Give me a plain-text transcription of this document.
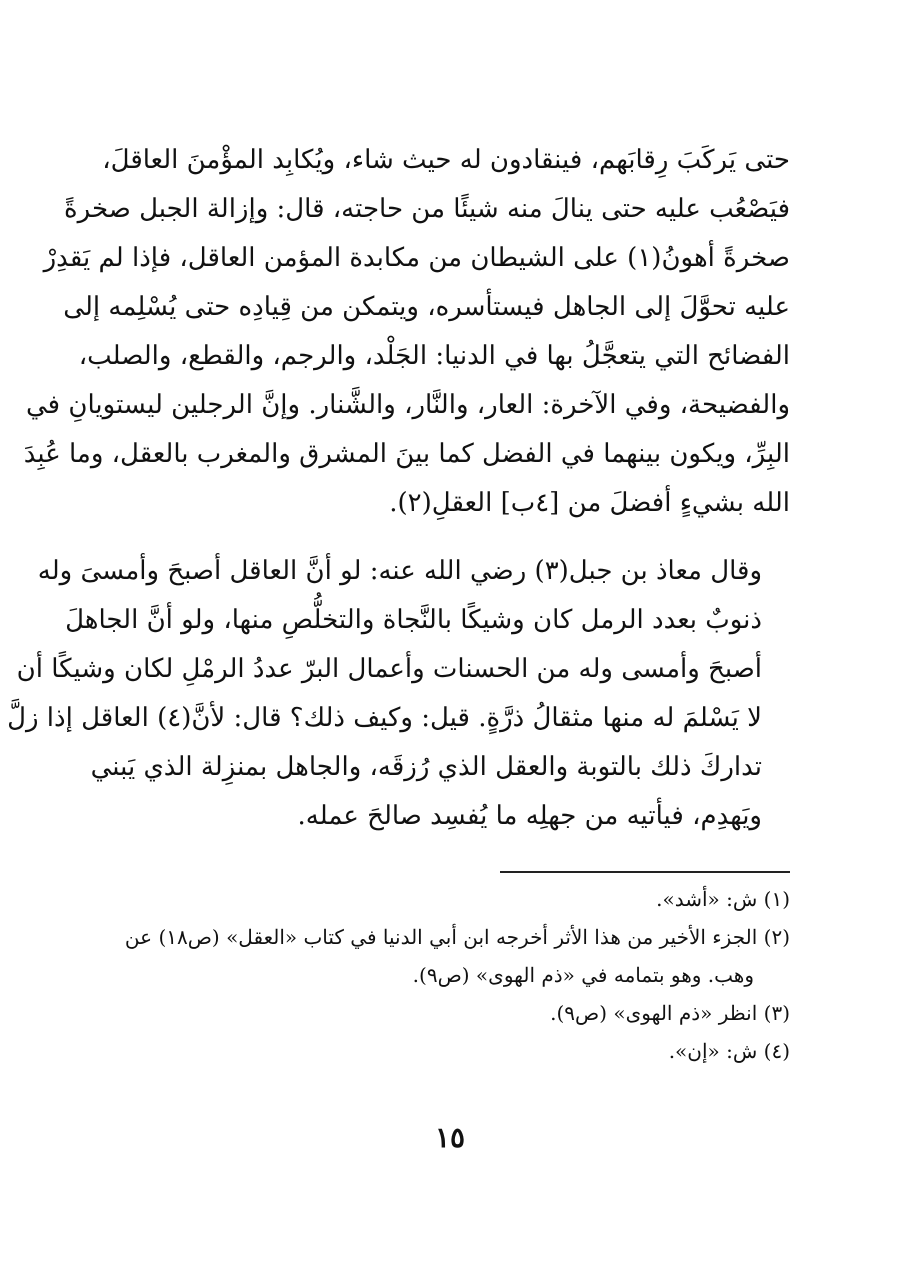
حتى يَركَبَ رِقابَهم، فينقادون له حيث شاء، ويُكابِد المؤْمنَ العاقلَ،
فيَصْعُب عليه حتى ينالَ منه شيئًا من حاجته، قال: وإزالة الجبل صخرةً
صخرةً أهونُ(١) على الشيطان من مكابدة المؤمن العاقل، فإذا لم يَقدِرْ
عليه تحوَّلَ إلى الجاهل فيستأسره، ويتمكن من قِيادِه حتى يُسْلِمه إلى
الفضائح التي يتعجَّلُ بها في الدنيا: الجَلْد، والرجم، والقطع، والصلب،
والفضيحة، وفي الآخرة: العار، والنَّار، والشَّنار. وإنَّ الرجلين ليستويانِ في
البِرِّ، ويكون بينهما في الفضل كما بينَ المشرق والمغرب بالعقل، وما عُبِدَ
الله بشيءٍ أفضلَ من [٤ب] العقلِ(٢).
وقال معاذ بن جبل(٣) رضي الله عنه: لو أنَّ العاقل أصبحَ وأمسىَ وله
ذنوبٌ بعدد الرمل كان وشيكًا بالنَّجاة والتخلُّصِ منها، ولو أنَّ الجاهلَ
أصبحَ وأمسى وله من الحسنات وأعمال البرّ عددُ الرمْلِ لكان وشيكًا أن
لا يَسْلمَ له منها مثقالُ ذرَّةٍ. قيل: وكيف ذلك؟ قال: لأنَّ(٤) العاقل إذا زلَّ
تداركَ ذلك بالتوبة والعقل الذي رُزقَه، والجاهل بمنزِلة الذي يَبني
ويَهدِم، فيأتيه من جهلِه ما يُفسِد صالحَ عمله.
(١) ش: «أشد».
(٢) الجزء الأخير من هذا الأثر أخرجه ابن أبي الدنيا في كتاب «العقل» (ص١٨) عن
وهب. وهو بتمامه في «ذم الهوى» (ص٩).
(٣) انظر «ذم الهوى» (ص٩).
(٤) ش: «إن».
١٥
